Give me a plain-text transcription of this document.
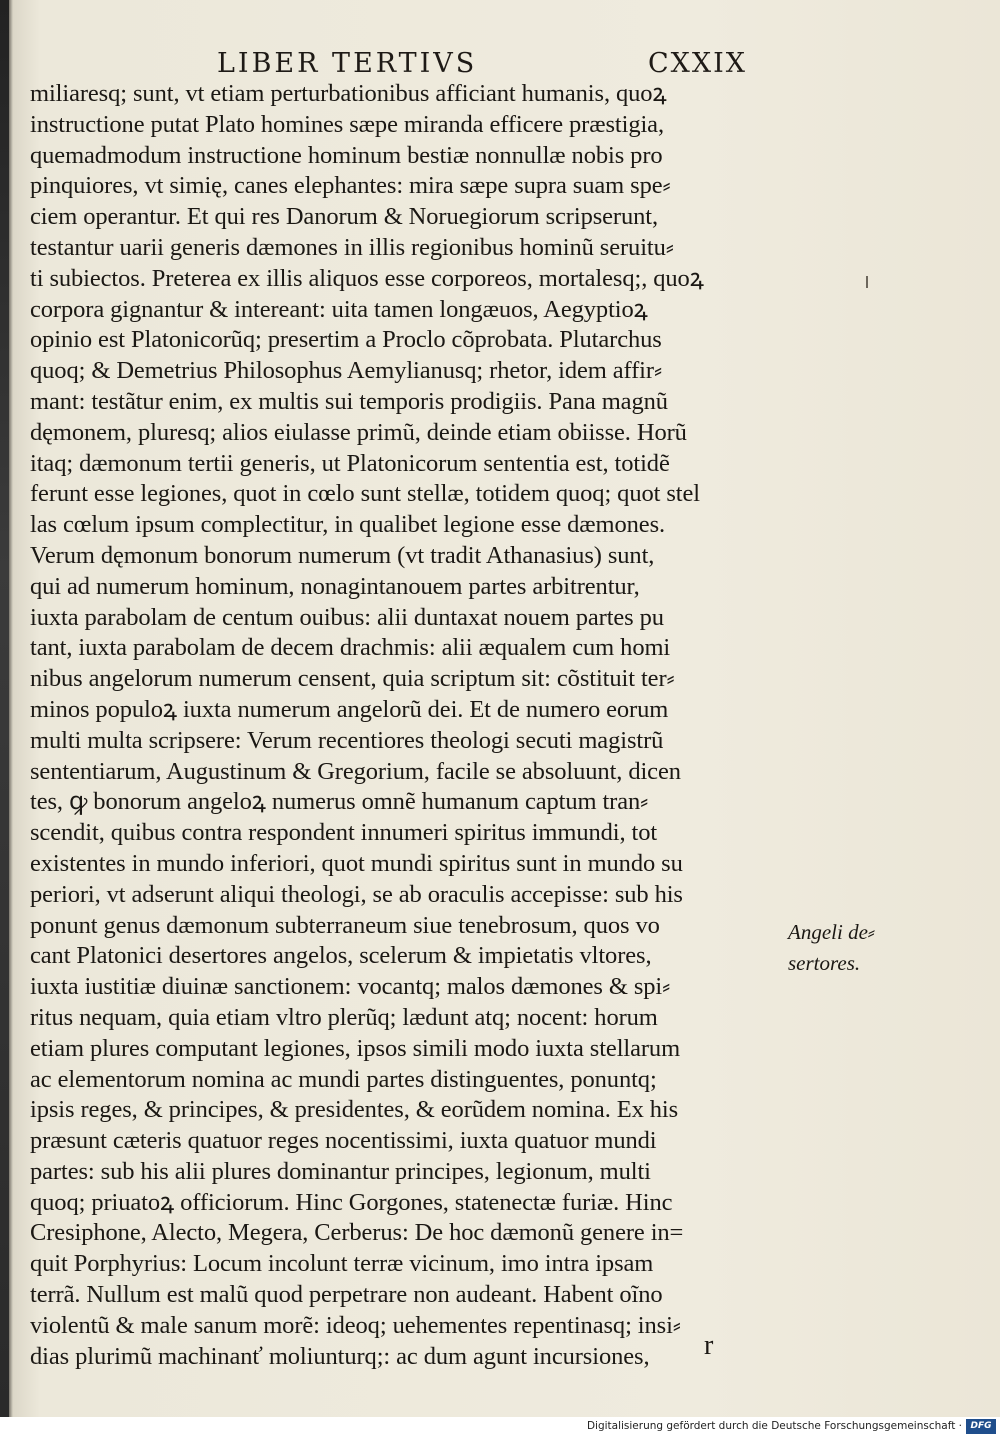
LIBER TERTIVS	CXXIX
miliaresq; sunt, vt etiam perturbationibus afficiant humanis, quoꝝ
instructione putat Plato homines sæpe miranda efficere præstigia,
quemadmodum instructione hominum bestiæ nonnullæ nobis pro
pinquiores, vt simię, canes elephantes: mira sæpe supra suam spe⸗
ciem operantur. Et qui res Danorum & Noruegiorum scripserunt,
testantur uarii generis dæmones in illis regionibus hominũ seruitu⸗
ti subiectos. Preterea ex illis aliquos esse corporeos, mortalesq;, quoꝝ
corpora gignantur & intereant: uita tamen longæuos, Aegyptioꝝ
opinio est Platonicorũq; presertim a Proclo cõprobata. Plutarchus
quoq; & Demetrius Philosophus Aemylianusq; rhetor, idem affir⸗
mant: testãtur enim, ex multis sui temporis prodigiis. Pana magnũ
dęmonem, pluresq; alios eiulasse primũ, deinde etiam obiisse. Horũ
itaq; dæmonum tertii generis, ut Platonicorum sententia est, totidẽ
ferunt esse legiones, quot in cœlo sunt stellæ, totidem quoq; quot stel
las cœlum ipsum complectitur, in qualibet legione esse dæmones.
Verum dęmonum bonorum numerum (vt tradit Athanasius) sunt,
qui ad numerum hominum, nonagintanouem partes arbitrentur,
iuxta parabolam de centum ouibus: alii duntaxat nouem partes pu
tant, iuxta parabolam de decem drachmis: alii æqualem cum homi
nibus angelorum numerum censent, quia scriptum sit: cõstituit ter⸗
minos populoꝝ iuxta numerum angelorũ dei. Et de numero eorum
multi multa scripsere: Verum recentiores theologi secuti magistrũ
sententiarum, Augustinum & Gregorium, facile se absoluunt, dicen
tes, ꝙ bonorum angeloꝝ numerus omnẽ humanum captum tran⸗
scendit, quibus contra respondent innumeri spiritus immundi, tot
existentes in mundo inferiori, quot mundi spiritus sunt in mundo su
periori, vt adserunt aliqui theologi, se ab oraculis accepisse: sub his
ponunt genus dæmonum subterraneum siue tenebrosum, quos vo
cant Platonici desertores angelos, scelerum & impietatis vltores,
iuxta iustitiæ diuinæ sanctionem: vocantq; malos dæmones & spi⸗
ritus nequam, quia etiam vltro plerũq; lædunt atq; nocent: horum
etiam plures computant legiones, ipsos simili modo iuxta stellarum
ac elementorum nomina ac mundi partes distinguentes, ponuntq;
ipsis reges, & principes, & presidentes, & eorũdem nomina. Ex his
præsunt cæteris quatuor reges nocentissimi, iuxta quatuor mundi
partes: sub his alii plures dominantur principes, legionum, multi
quoq; priuatoꝝ officiorum. Hinc Gorgones, statenectæ furiæ. Hinc
Cresiphone, Alecto, Megera, Cerberus: De hoc dæmonũ genere in=
quit Porphyrius: Locum incolunt terræ vicinum, imo intra ipsam
terrã. Nullum est malũ quod perpetrare non audeant. Habent oĩno
violentũ & male sanum morẽ: ideoq; uehementes repentinasq; insi⸗
dias plurimũ machinanť moliunturq;: ac dum agunt incursiones,
Angeli de⸗
sertores.
r
Digitalisierung gefördert durch die Deutsche Forschungsgemeinschaft · DFG
